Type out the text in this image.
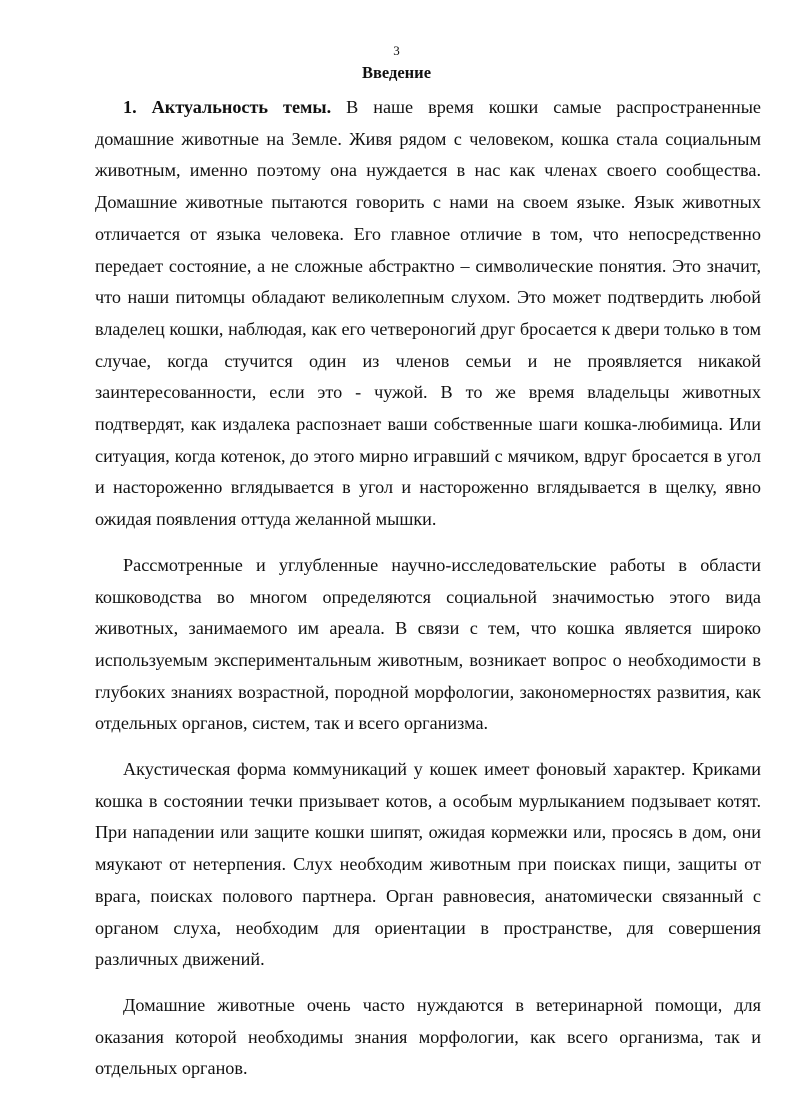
3
Введение

1. Актуальность темы. В наше время кошки самые распространенные домашние животные на Земле. Живя рядом с человеком, кошка стала социальным животным, именно поэтому она нуждается в нас как членах своего сообщества. Домашние животные пытаются говорить с нами на своем языке. Язык животных отличается от языка человека. Его главное отличие в том, что непосредственно передает состояние, а не сложные абстрактно – символические понятия. Это значит, что наши питомцы обладают великолепным слухом. Это может подтвердить любой владелец кошки, наблюдая, как его четвероногий друг бросается к двери только в том случае, когда стучится один из членов семьи и не проявляется никакой заинтересованности, если это - чужой. В то же время владельцы животных подтвердят, как издалека распознает ваши собственные шаги кошка-любимица. Или ситуация, когда котенок, до этого мирно игравший с мячиком, вдруг бросается в угол и настороженно вглядывается в угол и настороженно вглядывается в щелку, явно ожидая появления оттуда желанной мышки.

Рассмотренные и углубленные научно-исследовательские работы в области кошководства во многом определяются социальной значимостью этого вида животных, занимаемого им ареала. В связи с тем, что кошка является широко используемым экспериментальным животным, возникает вопрос о необходимости в глубоких знаниях возрастной, породной морфологии, закономерностях развития, как отдельных органов, систем, так и всего организма.

Акустическая форма коммуникаций у кошек имеет фоновый характер. Криками кошка в состоянии течки призывает котов, а особым мурлыканием подзывает котят. При нападении или защите кошки шипят, ожидая кормежки или, просясь в дом, они мяукают от нетерпения. Слух необходим животным при поисках пищи, защиты от врага, поисках полового партнера. Орган равновесия, анатомически связанный с органом слуха, необходим для ориентации в пространстве, для совершения различных движений.

Домашние животные очень часто нуждаются в ветеринарной помощи, для оказания которой необходимы знания морфологии, как всего организма, так и отдельных органов.
